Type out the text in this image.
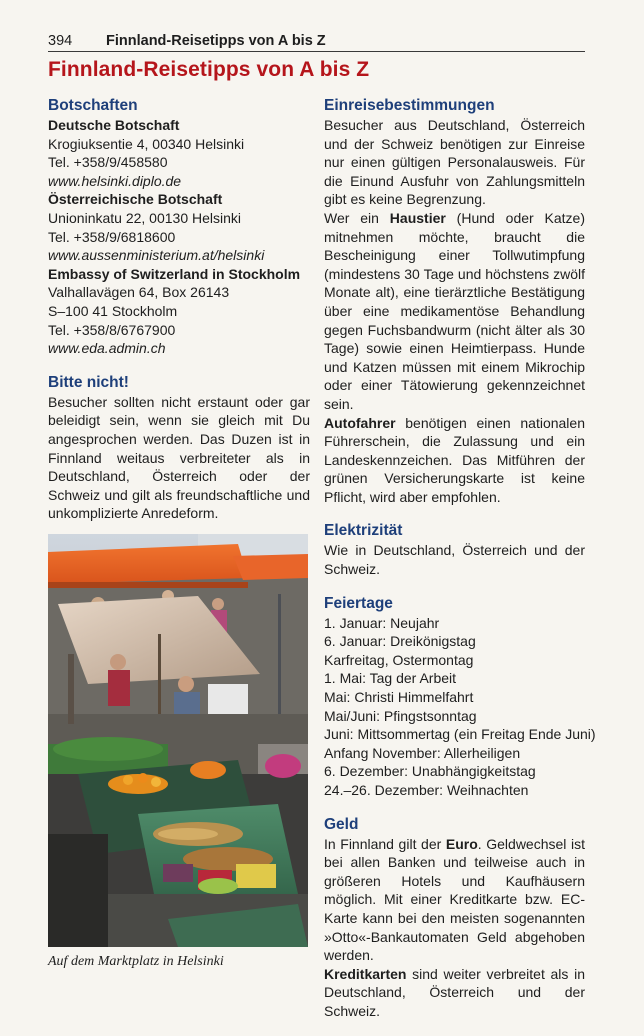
394 Finnland-Reisetipps von A bis Z
Finnland-Reisetipps von A bis Z
Botschaften
Deutsche Botschaft
Krogiuksentie 4, 00340 Helsinki
Tel. +358/9/458580
www.helsinki.diplo.de
Österreichische Botschaft
Unioninkatu 22, 00130 Helsinki
Tel. +358/9/6818600
www.aussenministerium.at/helsinki
Embassy of Switzerland in Stockholm
Valhallavägen 64, Box 26143
S–100 41 Stockholm
Tel. +358/8/6767900
www.eda.admin.ch
Bitte nicht!

Besucher sollten nicht erstaunt oder gar beleidigt sein, wenn sie gleich mit Du angesprochen werden. Das Duzen ist in Finnland weitaus verbreiteter als in Deutschland, Österreich oder der Schweiz und gilt als freundschaftliche und unkomplizierte Anredeform.

Auf dem Marktplatz in Helsinki
Einreisebestimmungen

Besucher aus Deutschland, Österreich und der Schweiz benötigen zur Einreise nur einen gültigen Personalausweis. Für die Einund Ausfuhr von Zahlungsmitteln gibt es keine Begrenzung.

Wer ein Haustier (Hund oder Katze) mitnehmen möchte, braucht die Bescheinigung einer Tollwutimpfung (mindestens 30 Tage und höchstens zwölf Monate alt), eine tierärztliche Bestätigung über eine medikamentöse Behandlung gegen Fuchsbandwurm (nicht älter als 30 Tage) sowie einen Heimtierpass. Hunde und Katzen müssen mit einem Mikrochip oder einer Tätowierung gekennzeichnet sein.

Autofahrer benötigen einen nationalen Führerschein, die Zulassung und ein Landeskennzeichen. Das Mitführen der grünen Versicherungskarte ist keine Pflicht, wird aber empfohlen.

Elektrizität

Wie in Deutschland, Österreich und der Schweiz.

Feiertage
1. Januar: Neujahr
6. Januar: Dreikönigstag
Karfreitag, Ostermontag
1. Mai: Tag der Arbeit
Mai: Christi Himmelfahrt
Mai/Juni: Pfingstsonntag
Juni: Mittsommertag (ein Freitag Ende Juni)
Anfang November: Allerheiligen
6. Dezember: Unabhängigkeitstag
24.–26. Dezember: Weihnachten
Geld

In Finnland gilt der Euro. Geldwechsel ist bei allen Banken und teilweise auch in größeren Hotels und Kaufhäusern möglich. Mit einer Kreditkarte bzw. EC-Karte kann bei den meisten sogenannten »Otto«-Bankautomaten Geld abgehoben werden.

Kreditkarten sind weiter verbreitet als in Deutschland, Österreich und der Schweiz.
